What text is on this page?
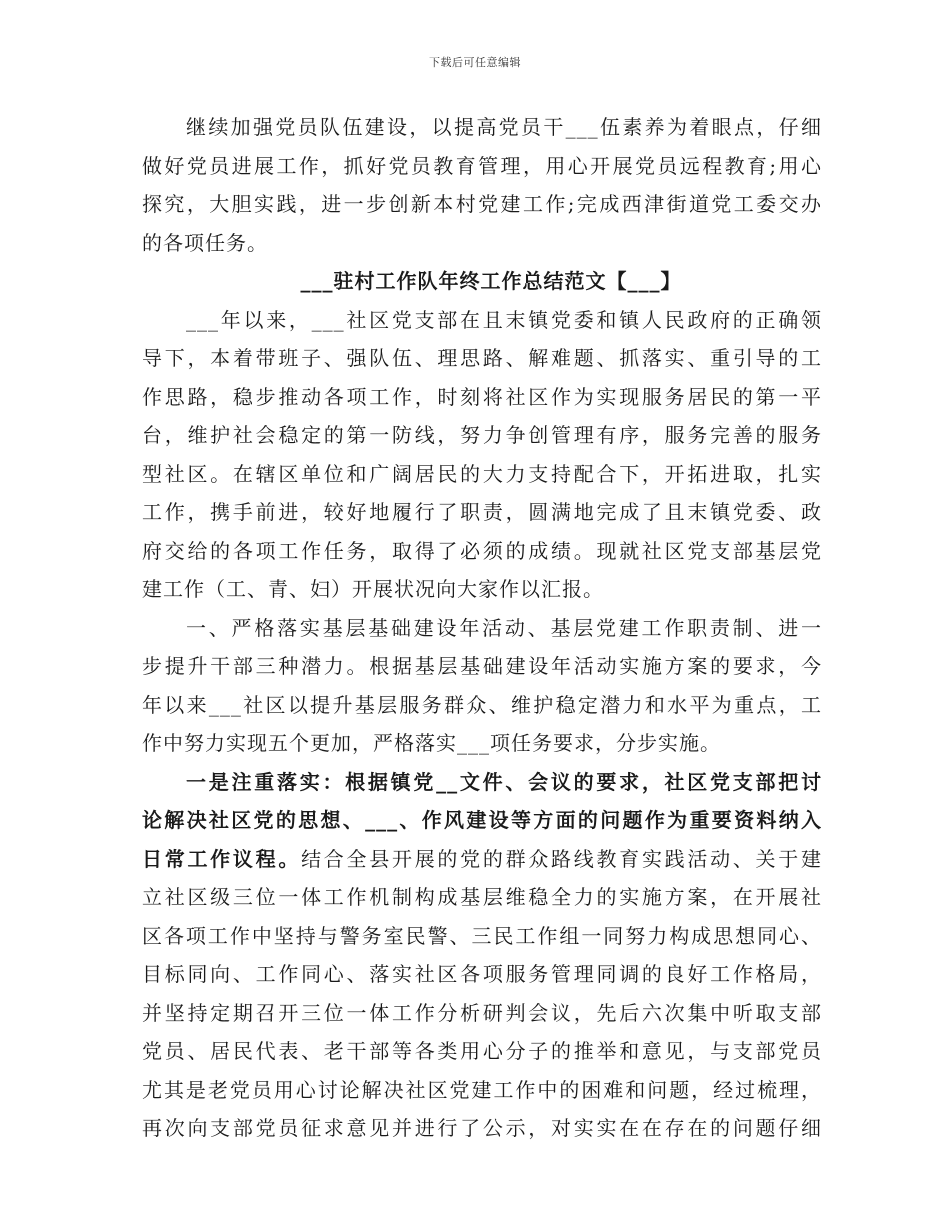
下载后可任意编辑
继续加强党员队伍建设，以提高党员干___伍素养为着眼点，仔细
做好党员进展工作，抓好党员教育管理，用心开展党员远程教育;用心
探究，大胆实践，进一步创新本村党建工作;完成西津街道党工委交办
的各项任务。
___驻村工作队年终工作总结范文【___】
___年以来，___社区党支部在且末镇党委和镇人民政府的正确领
导下，本着带班子、强队伍、理思路、解难题、抓落实、重引导的工
作思路，稳步推动各项工作，时刻将社区作为实现服务居民的第一平
台，维护社会稳定的第一防线，努力争创管理有序，服务完善的服务
型社区。在辖区单位和广阔居民的大力支持配合下，开拓进取，扎实
工作，携手前进，较好地履行了职责，圆满地完成了且末镇党委、政
府交给的各项工作任务，取得了必须的成绩。现就社区党支部基层党
建工作（工、青、妇）开展状况向大家作以汇报。
一、严格落实基层基础建设年活动、基层党建工作职责制、进一
步提升干部三种潜力。根据基层基础建设年活动实施方案的要求，今
年以来___社区以提升基层服务群众、维护稳定潜力和水平为重点，工
作中努力实现五个更加，严格落实___项任务要求，分步实施。
一是注重落实：根据镇党__文件、会议的要求，社区党支部把讨
论解决社区党的思想、___、作风建设等方面的问题作为重要资料纳入
日常工作议程。结合全县开展的党的群众路线教育实践活动、关于建
立社区级三位一体工作机制构成基层维稳全力的实施方案，在开展社
区各项工作中坚持与警务室民警、三民工作组一同努力构成思想同心、
目标同向、工作同心、落实社区各项服务管理同调的良好工作格局，
并坚持定期召开三位一体工作分析研判会议，先后六次集中听取支部
党员、居民代表、老干部等各类用心分子的推举和意见，与支部党员
尤其是老党员用心讨论解决社区党建工作中的困难和问题，经过梳理，
再次向支部党员征求意见并进行了公示，对实实在在存在的问题仔细
